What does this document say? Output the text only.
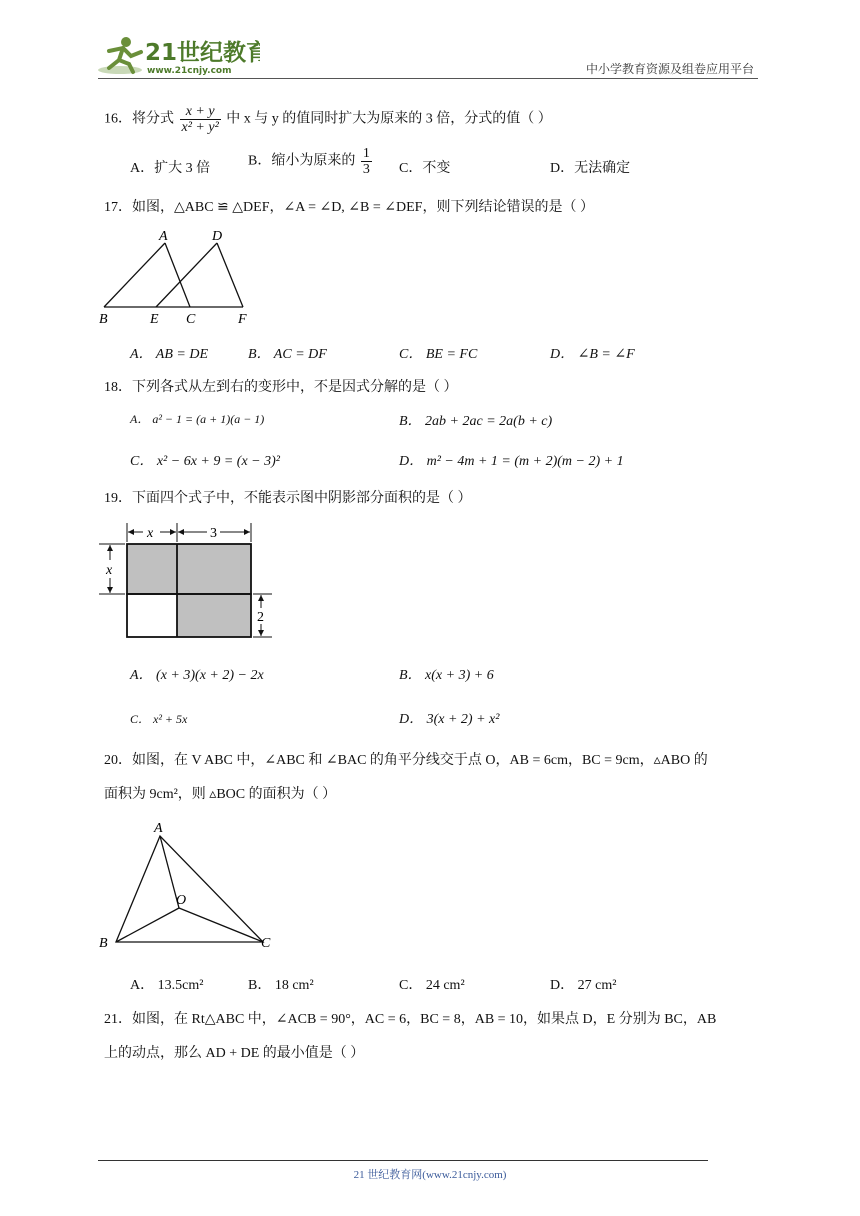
21世纪教育
www.21cnjy.com	中小学教育资源及组卷应用平台
16．将分式 $\frac{x + y}{\text{x² + y²}}$ 中 x 与 y 的值同时扩大为原来的 3 倍，分式的值（ ）
A．扩大 3 倍	B．缩小为原来的 $\frac{1}{3}$ C．不变	D．无法确定
17．如图，△ABC ≌ △DEF，∠A = ∠D, ∠B = ∠DEF，则下列结论错误的是（ ）
A	D
B	E C	F
A． AB = DE	B． AC = DF	C． BE = FC	D． ∠B = ∠F
18．下列各式从左到右的变形中，不是因式分解的是（ ）
A． a² − 1 = (a + 1)(a − 1)	B． 2ab + 2ac = 2a(b + c)
C． x² − 6x + 9 = (x − 3)²	D． m² − 4m + 1 = (m + 2)(m − 2) + 1
19．下面四个式子中，不能表示图中阴影部分面积的是（ ）
x	3
x
2
A． (x + 3)(x + 2) − 2x	B． x(x + 3) + 6
C． x² + 5x	D． 3(x + 2) + x²
20．如图，在 V ABC 中，∠ABC 和 ∠BAC 的角平分线交于点 O，AB = 6cm，BC = 9cm，▵ABO 的
面积为 9cm²，则 ▵BOC 的面积为（ ）
A
O
B	C
A． 13.5cm²	B． 18 cm²	C． 24 cm²	D． 27 cm²
21．如图，在 Rt△ABC 中，∠ACB = 90°，AC = 6，BC = 8，AB = 10，如果点 D，E 分别为 BC，AB
上的动点，那么 AD + DE 的最小值是（ ）
21 世纪教育网(www.21cnjy.com)
